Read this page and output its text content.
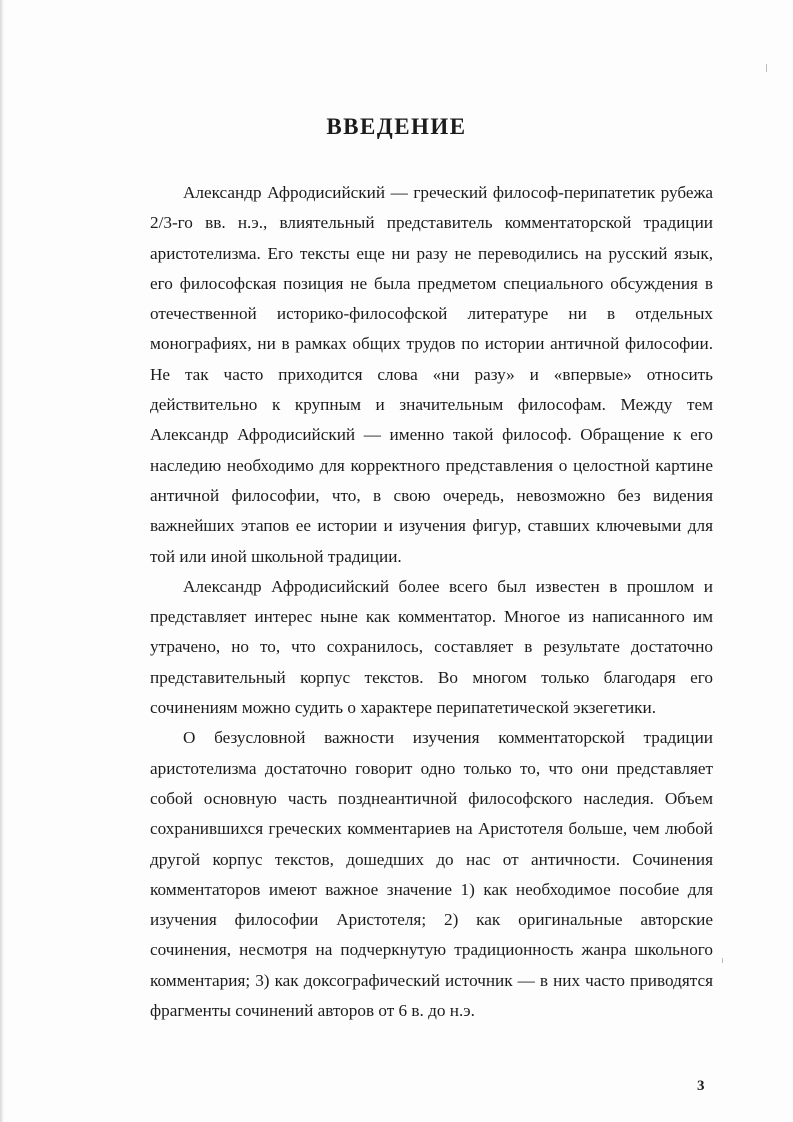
ВВЕДЕНИЕ

Александр Афродисийский — греческий философ-перипатетик рубежа 2/3-го вв. н.э., влиятельный представитель комментаторской традиции аристотелизма. Его тексты еще ни разу не переводились на русский язык, его философская позиция не была предметом специального обсуждения в отечественной историко-философской литературе ни в отдельных монографиях, ни в рамках общих трудов по истории античной философии. Не так часто приходится слова «ни разу» и «впервые» относить действительно к крупным и значительным философам. Между тем Александр Афродисийский — именно такой философ. Обращение к его наследию необходимо для корректного представления о целостной картине античной философии, что, в свою очередь, невозможно без видения важнейших этапов ее истории и изучения фигур, ставших ключевыми для той или иной школьной традиции.

Александр Афродисийский более всего был известен в прошлом и представляет интерес ныне как комментатор. Многое из написанного им утрачено, но то, что сохранилось, составляет в результате достаточно представительный корпус текстов. Во многом только благодаря его сочинениям можно судить о характере перипатетической экзегетики.

О безусловной важности изучения комментаторской традиции аристотелизма достаточно говорит одно только то, что они представляет собой основную часть позднеантичной философского наследия. Объем сохранившихся греческих комментариев на Аристотеля больше, чем любой другой корпус текстов, дошедших до нас от античности. Сочинения комментаторов имеют важное значение 1) как необходимое пособие для изучения философии Аристотеля; 2) как оригинальные авторские сочинения, несмотря на подчеркнутую традиционность жанра школьного комментария; 3) как доксографический источник — в них часто приводятся фрагменты сочинений авторов от 6 в. до н.э.

3
